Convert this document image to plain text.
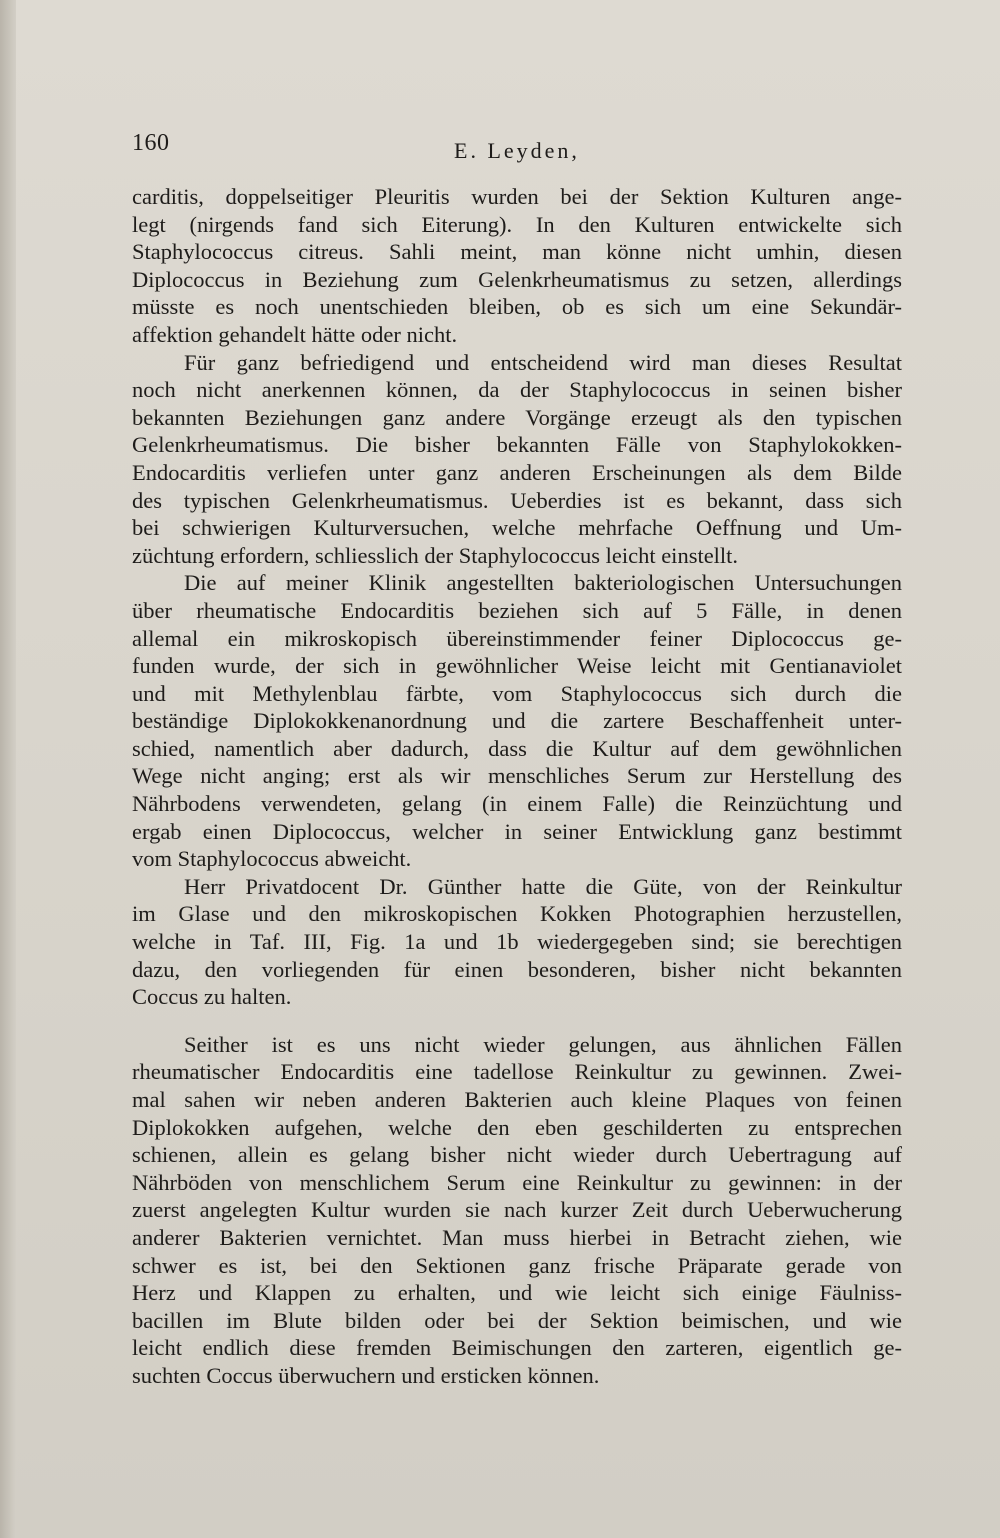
160	E. Leyden,
carditis, doppelseitiger Pleuritis wurden bei der Sektion Kulturen ange-
legt (nirgends fand sich Eiterung). In den Kulturen entwickelte sich
Staphylococcus citreus. Sahli meint, man könne nicht umhin, diesen
Diplococcus in Beziehung zum Gelenkrheumatismus zu setzen, allerdings
müsste es noch unentschieden bleiben, ob es sich um eine Sekundär-
affektion gehandelt hätte oder nicht.
Für ganz befriedigend und entscheidend wird man dieses Resultat
noch nicht anerkennen können, da der Staphylococcus in seinen bisher
bekannten Beziehungen ganz andere Vorgänge erzeugt als den typischen
Gelenkrheumatismus. Die bisher bekannten Fälle von Staphylokokken-
Endocarditis verliefen unter ganz anderen Erscheinungen als dem Bilde
des typischen Gelenkrheumatismus. Ueberdies ist es bekannt, dass sich
bei schwierigen Kulturversuchen, welche mehrfache Oeffnung und Um-
züchtung erfordern, schliesslich der Staphylococcus leicht einstellt.
Die auf meiner Klinik angestellten bakteriologischen Untersuchungen
über rheumatische Endocarditis beziehen sich auf 5 Fälle, in denen
allemal ein mikroskopisch übereinstimmender feiner Diplococcus ge-
funden wurde, der sich in gewöhnlicher Weise leicht mit Gentianaviolet
und mit Methylenblau färbte, vom Staphylococcus sich durch die
beständige Diplokokkenanordnung und die zartere Beschaffenheit unter-
schied, namentlich aber dadurch, dass die Kultur auf dem gewöhnlichen
Wege nicht anging; erst als wir menschliches Serum zur Herstellung des
Nährbodens verwendeten, gelang (in einem Falle) die Reinzüchtung und
ergab einen Diplococcus, welcher in seiner Entwicklung ganz bestimmt
vom Staphylococcus abweicht.
Herr Privatdocent Dr. Günther hatte die Güte, von der Reinkultur
im Glase und den mikroskopischen Kokken Photographien herzustellen,
welche in Taf. III, Fig. 1a und 1b wiedergegeben sind; sie berechtigen
dazu, den vorliegenden für einen besonderen, bisher nicht bekannten
Coccus zu halten.
Seither ist es uns nicht wieder gelungen, aus ähnlichen Fällen
rheumatischer Endocarditis eine tadellose Reinkultur zu gewinnen. Zwei-
mal sahen wir neben anderen Bakterien auch kleine Plaques von feinen
Diplokokken aufgehen, welche den eben geschilderten zu entsprechen
schienen, allein es gelang bisher nicht wieder durch Uebertragung auf
Nährböden von menschlichem Serum eine Reinkultur zu gewinnen: in der
zuerst angelegten Kultur wurden sie nach kurzer Zeit durch Ueberwucherung
anderer Bakterien vernichtet. Man muss hierbei in Betracht ziehen, wie
schwer es ist, bei den Sektionen ganz frische Präparate gerade von
Herz und Klappen zu erhalten, und wie leicht sich einige Fäulniss-
bacillen im Blute bilden oder bei der Sektion beimischen, und wie
leicht endlich diese fremden Beimischungen den zarteren, eigentlich ge-
suchten Coccus überwuchern und ersticken können.
